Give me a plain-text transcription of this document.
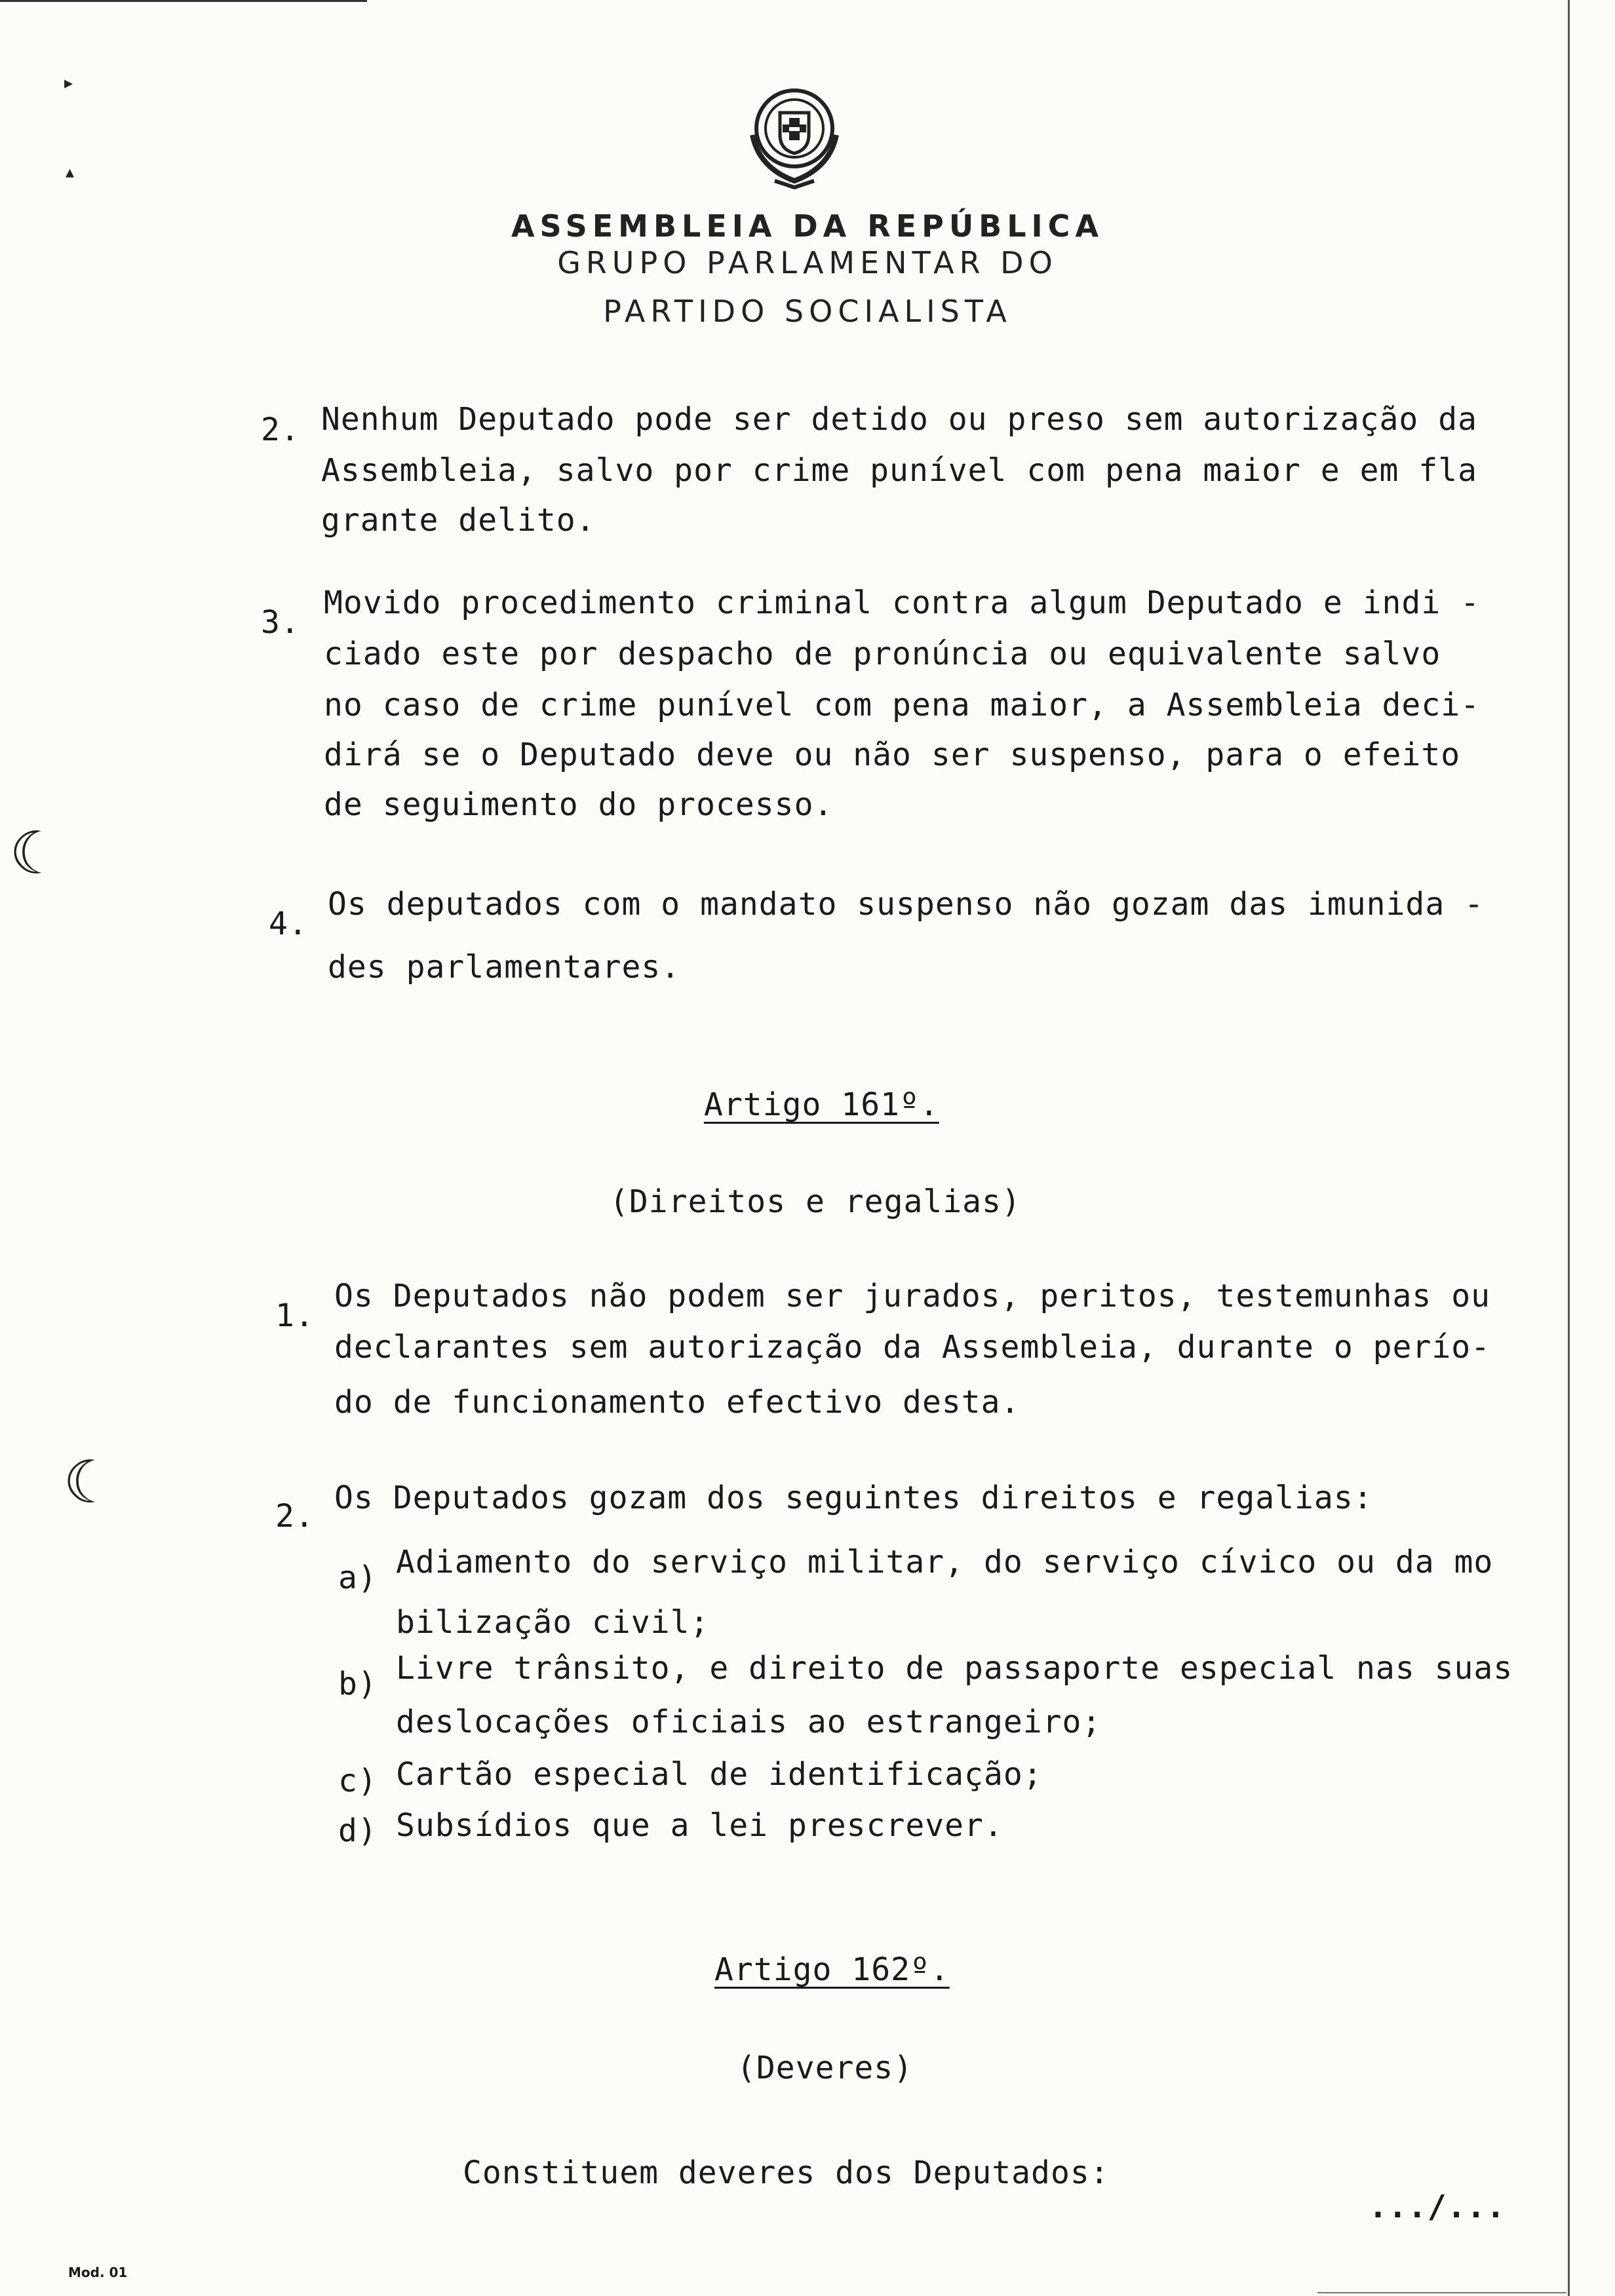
▸
▴
☾
☾
ASSEMBLEIA DA REPÚBLICA
GRUPO PARLAMENTAR DO
PARTIDO SOCIALISTA
2. Nenhum Deputado pode ser detido ou preso sem autorização da
Assembleia, salvo por crime punível com pena maior e em fla
grante delito.
3.
Movido procedimento criminal contra algum Deputado e indi -
ciado este por despacho de pronúncia ou equivalente salvo
no caso de crime punível com pena maior, a Assembleia deci-
dirá se o Deputado deve ou não ser suspenso, para o efeito
de seguimento do processo.
4.
Os deputados com o mandato suspenso não gozam das imunida -
des parlamentares.
Artigo 161º.
(Direitos e regalias)
1.
Os Deputados não podem ser jurados, peritos, testemunhas ou
declarantes sem autorização da Assembleia, durante o perío-
do de funcionamento efectivo desta.
2. Os Deputados gozam dos seguintes direitos e regalias:
a) Adiamento do serviço militar, do serviço cívico ou da mo
bilização civil;
b) Livre trânsito, e direito de passaporte especial nas suas
deslocações oficiais ao estrangeiro;
c) Cartão especial de identificação;
d) Subsídios que a lei prescrever.
Artigo 162º.
(Deveres)
Constituem deveres dos Deputados:
.../...
Mod. 01
